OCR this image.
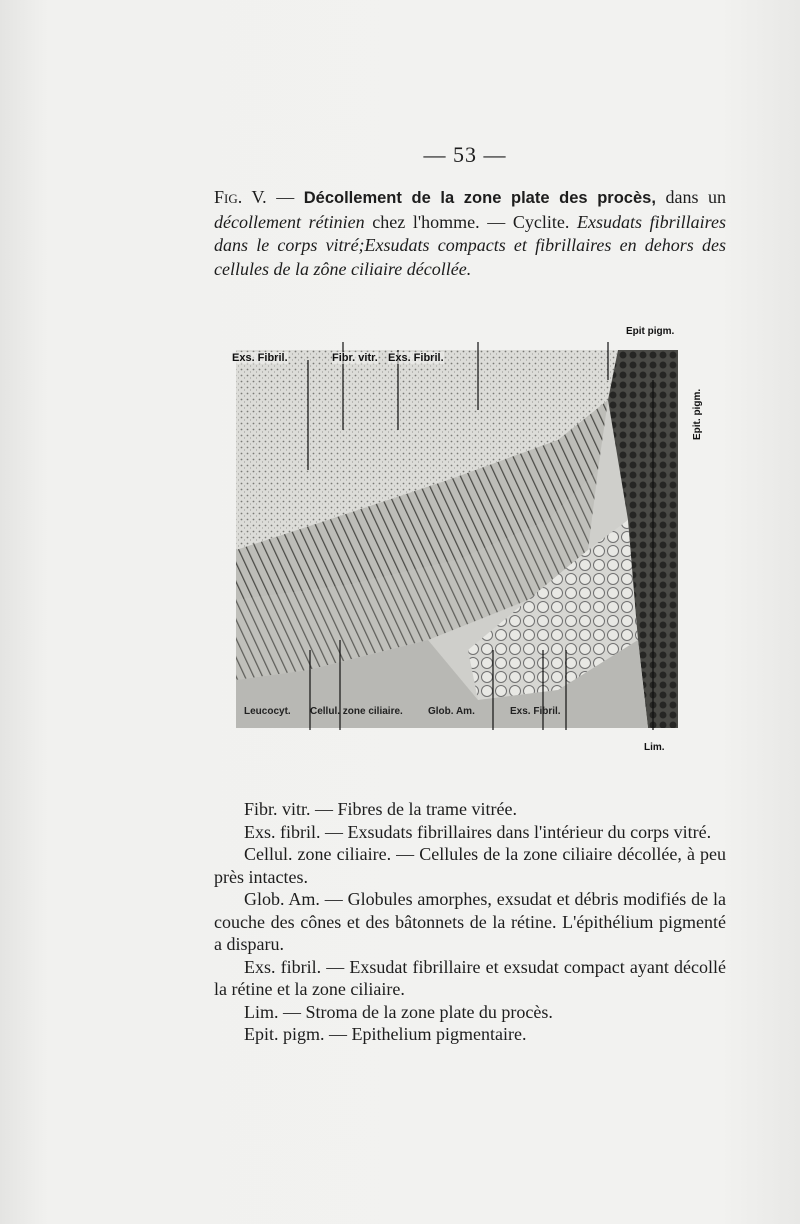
— 53 —
Fig. V. — Décollement de la zone plate des procès, dans un décollement rétinien chez l'homme. — Cyclite. Exsudats fibrillaires dans le corps vitré;Exsudats compacts et fibrillaires en dehors des cellules de la zône ciliaire décollée.
Epit pigm.
Exs. Fibril.	Fibr. vitr. Exs. Fibril.
Epit. pigm.
Leucocyt. Cellul. zone ciliaire.	Glob. Am.	Exs. Fibril.
Lim.

Fibr. vitr. — Fibres de la trame vitrée.

Exs. fibril. — Exsudats fibrillaires dans l'intérieur du corps vitré.

Cellul. zone ciliaire. — Cellules de la zone ciliaire décollée, à peu près intactes.

Glob. Am. — Globules amorphes, exsudat et débris modifiés de la couche des cônes et des bâtonnets de la rétine. L'épithélium pigmenté a disparu.

Exs. fibril. — Exsudat fibrillaire et exsudat compact ayant décollé la rétine et la zone ciliaire.

Lim. — Stroma de la zone plate du procès.

Epit. pigm. — Epithelium pigmentaire.
